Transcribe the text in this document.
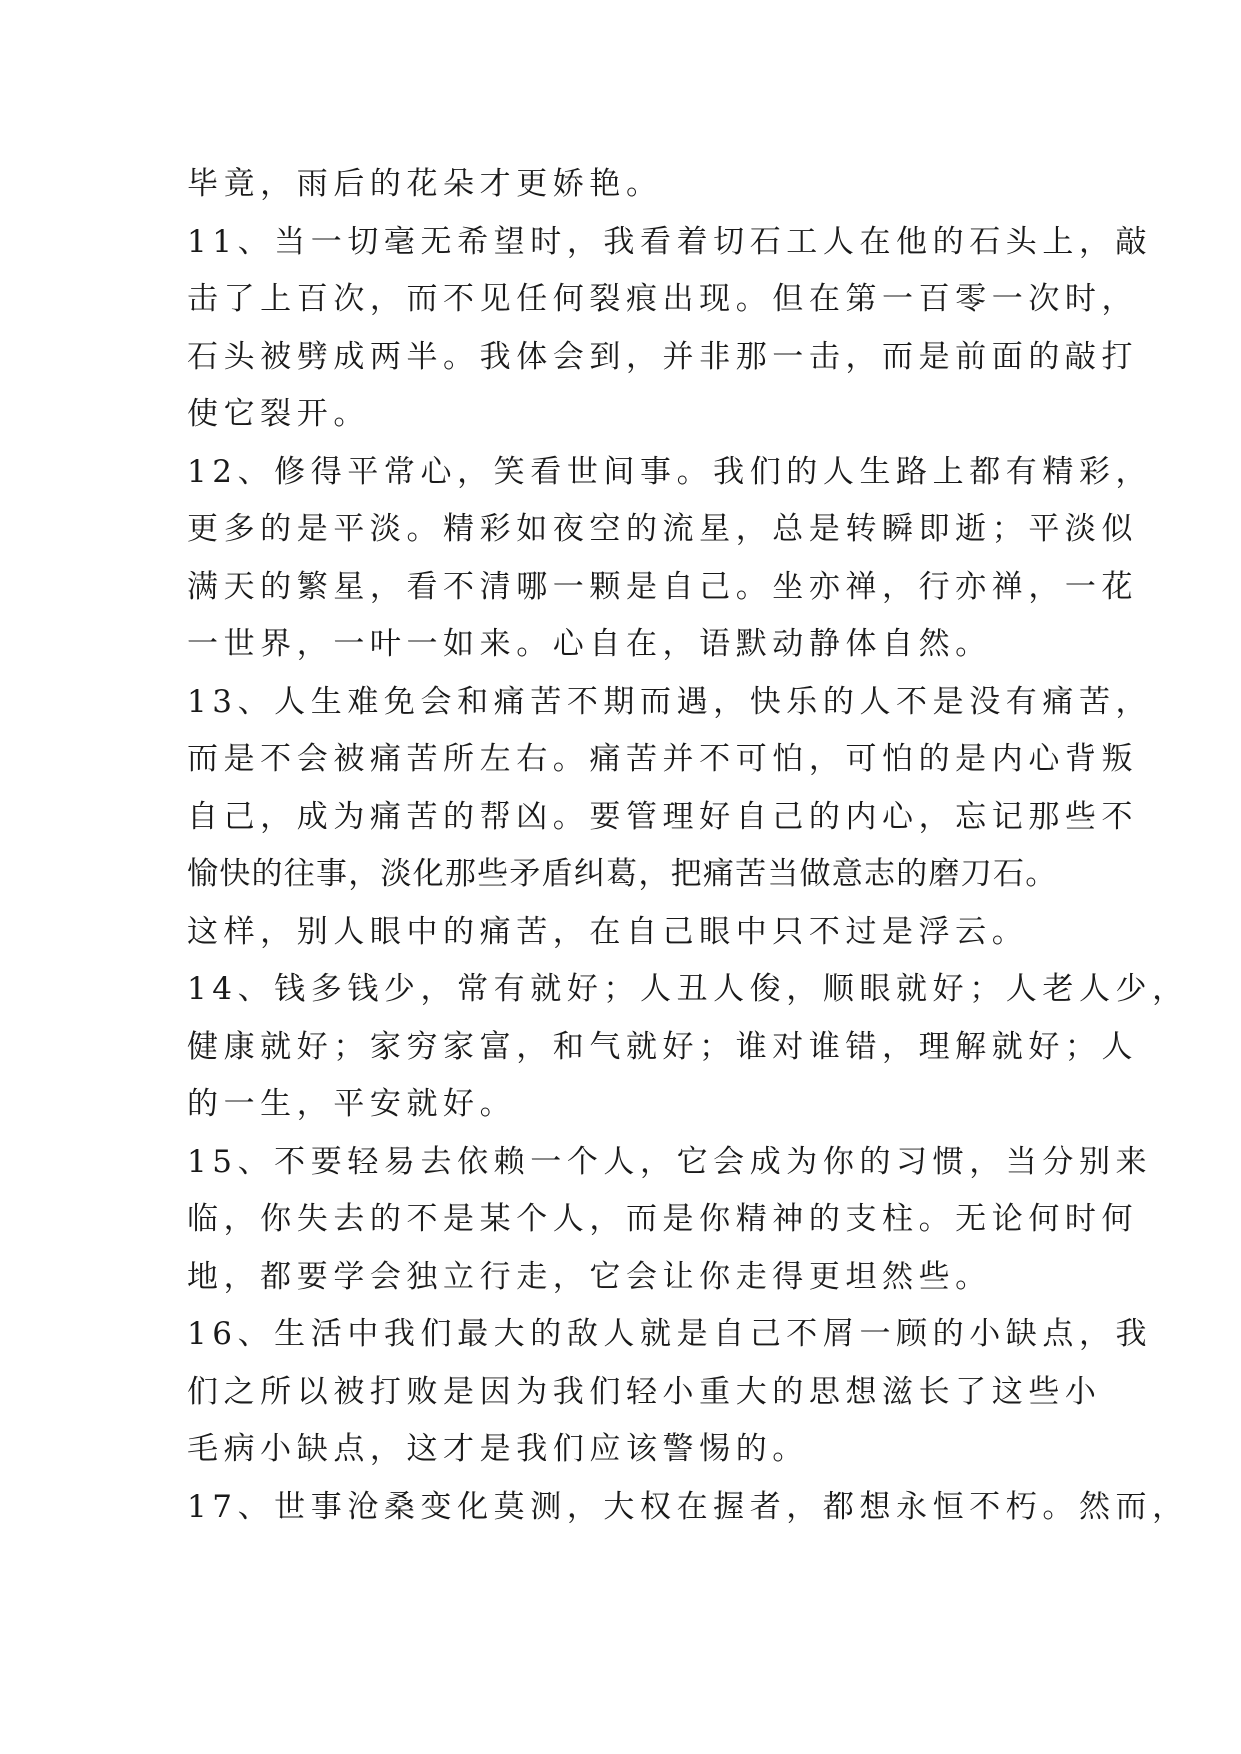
毕竟，雨后的花朵才更娇艳。
11、当一切毫无希望时，我看着切石工人在他的石头上，敲
击了上百次，而不见任何裂痕出现。但在第一百零一次时，
石头被劈成两半。我体会到，并非那一击，而是前面的敲打
使它裂开。
12、修得平常心，笑看世间事。我们的人生路上都有精彩，
更多的是平淡。精彩如夜空的流星，总是转瞬即逝；平淡似
满天的繁星，看不清哪一颗是自己。坐亦禅，行亦禅，一花
一世界，一叶一如来。心自在，语默动静体自然。
13、人生难免会和痛苦不期而遇，快乐的人不是没有痛苦，
而是不会被痛苦所左右。痛苦并不可怕，可怕的是内心背叛
自己，成为痛苦的帮凶。要管理好自己的内心，忘记那些不
愉快的往事，淡化那些矛盾纠葛，把痛苦当做意志的磨刀石。
这样，别人眼中的痛苦，在自己眼中只不过是浮云。
14、钱多钱少，常有就好；人丑人俊，顺眼就好；人老人少，
健康就好；家穷家富，和气就好；谁对谁错，理解就好；人
的一生，平安就好。
15、不要轻易去依赖一个人，它会成为你的习惯，当分别来
临，你失去的不是某个人，而是你精神的支柱。无论何时何
地，都要学会独立行走，它会让你走得更坦然些。
16、生活中我们最大的敌人就是自己不屑一顾的小缺点，我
们之所以被打败是因为我们轻小重大的思想滋长了这些小
毛病小缺点，这才是我们应该警惕的。
17、世事沧桑变化莫测，大权在握者，都想永恒不朽。然而，
